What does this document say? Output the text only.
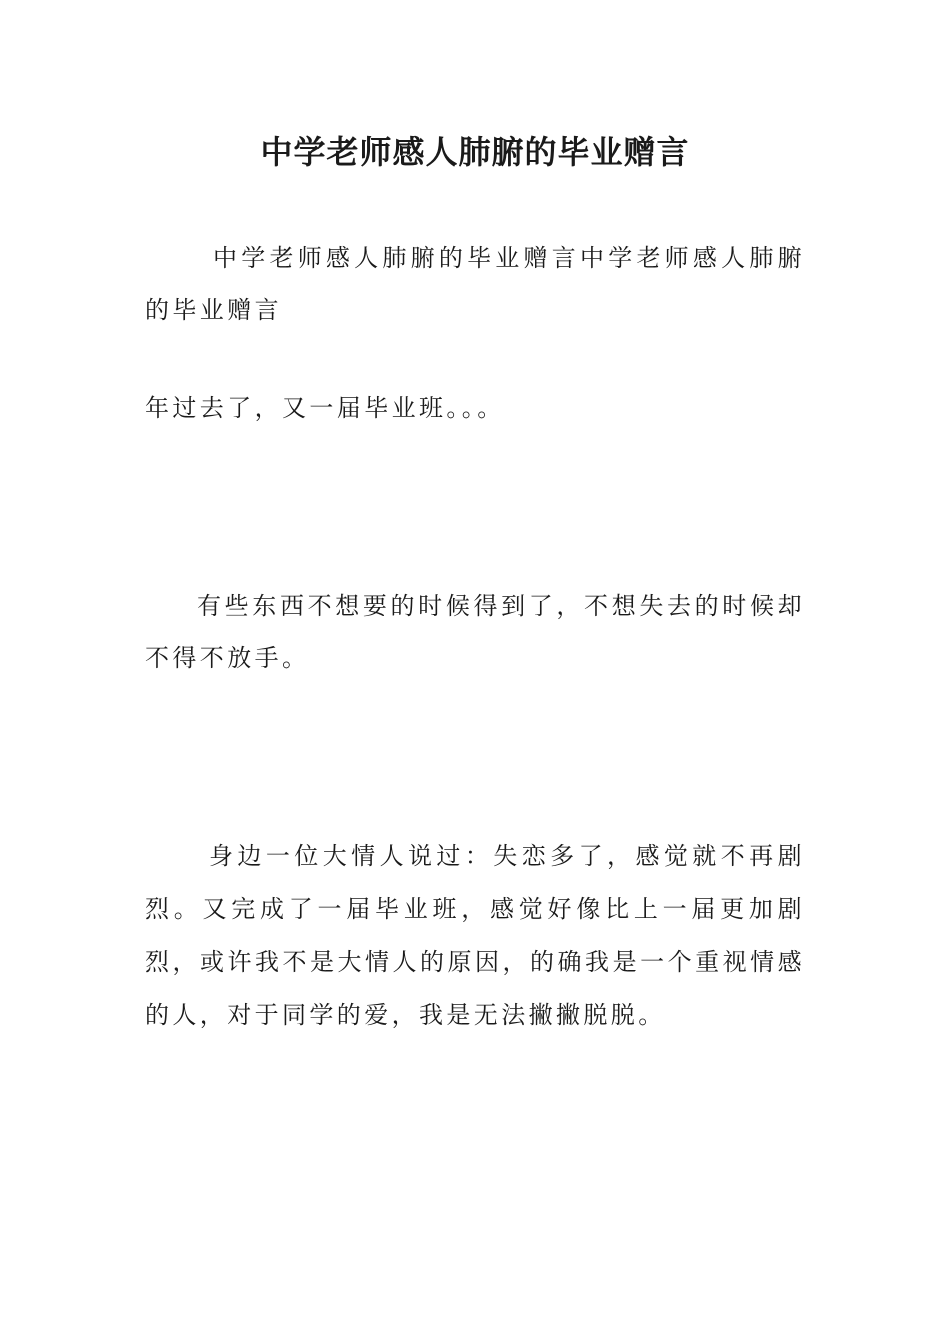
中学老师感人肺腑的毕业赠言

中学老师感人肺腑的毕业赠言中学老师感人肺腑的毕业赠言

年过去了，又一届毕业班。。。

有些东西不想要的时候得到了，不想失去的时候却不得不放手。

身边一位大情人说过：失恋多了，感觉就不再剧烈。又完成了一届毕业班，感觉好像比上一届更加剧烈，或许我不是大情人的原因，的确我是一个重视情感的人，对于同学的爱，我是无法撇撇脱脱。
